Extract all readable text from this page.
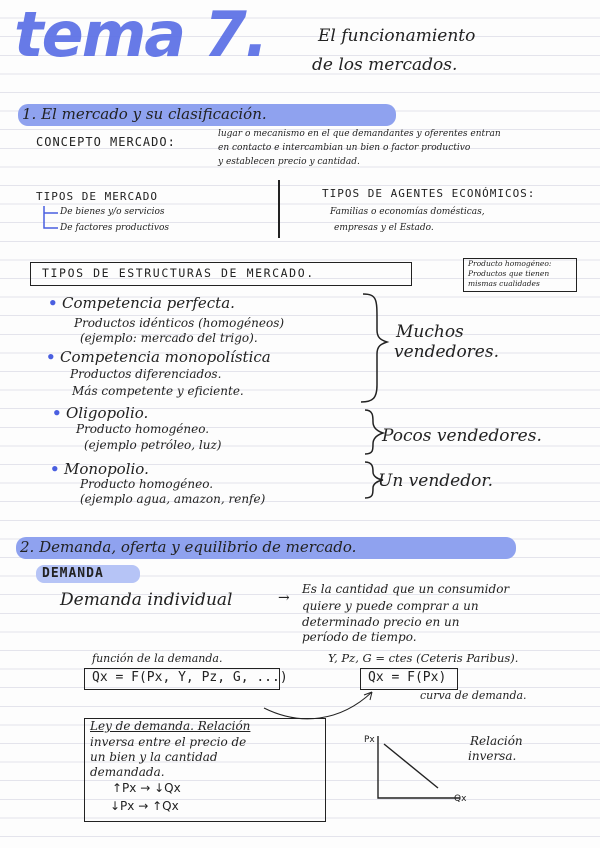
tema 7.	El funcionamiento
de los mercados.
1. El mercado y su clasificación.
CONCEPTO MERCADO:
lugar o mecanismo en el que demandantes y oferentes entran
en contacto e intercambian un bien o factor productivo
y establecen precio y cantidad.
TIPOS DE MERCADO
De bienes y/o servicios
De factores productivos
TIPOS DE AGENTES ECONÓMICOS:
Familias o economías domésticas,
empresas y el Estado.
TIPOS DE ESTRUCTURAS DE MERCADO.
Producto homogéneo:
Productos que tienen
mismas cualidades
• Competencia perfecta.
Productos idénticos (homogéneos)
(ejemplo: mercado del trigo).
• Competencia monopolística
Productos diferenciados.
Más competente y eficiente.
• Oligopolio.
Producto homogéneo.
(ejemplo petróleo, luz)
• Monopolio.
Producto homogéneo.
(ejemplo agua, amazon, renfe)
Muchos
vendedores.
Pocos vendedores.
Un vendedor.
2. Demanda, oferta y equilibrio de mercado.
DEMANDA
Demanda individual	→
Es la cantidad que un consumidor
quiere y puede comprar a un
determinado precio en un
período de tiempo.
función de la demanda.	Y, Pz, G = ctes (Ceteris Paribus).
Qx = F(Px, Y, Pz, G, ...)	Qx = F(Px)
curva de demanda.
Ley de demanda. Relación
inversa entre el precio de
un bien y la cantidad
demandada.
↑Px → ↓Qx
↓Px → ↑Qx
Px
Qx
Relación
inversa.
